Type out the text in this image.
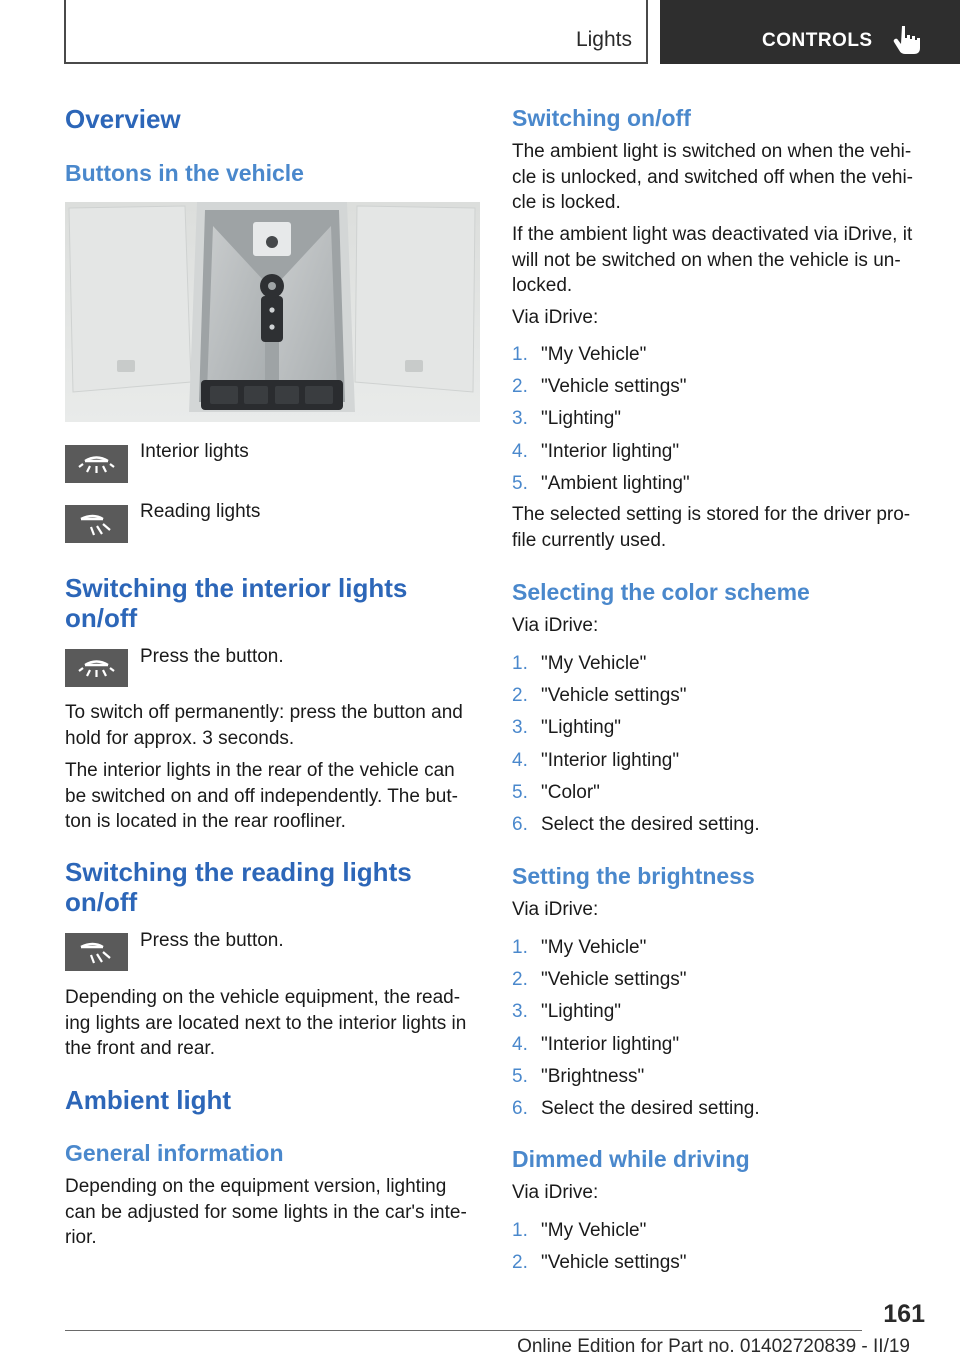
Lights	CONTROLS
Overview
Buttons in the vehicle
Interior lights
Reading lights
Switching the interior lights on/off
Press the button.

To switch off permanently: press the button and hold for approx. 3 seconds.

The interior lights in the rear of the vehicle can be switched on and off independently. The but-ton is located in the rear roofliner.

Switching the reading lights on/off
Press the button.

Depending on the vehicle equipment, the read-ing lights are located next to the interior lights in the front and rear.

Ambient light
General information

Depending on the equipment version, lighting can be adjusted for some lights in the car's inte-rior.

Switching on/off

The ambient light is switched on when the vehi-cle is unlocked, and switched off when the vehi-cle is locked.

If the ambient light was deactivated via iDrive, it will not be switched on when the vehicle is un-locked.

Via iDrive:

1. "My Vehicle"
2. "Vehicle settings"
3. "Lighting"
4. "Interior lighting"
5. "Ambient lighting"

The selected setting is stored for the driver pro-file currently used.

Selecting the color scheme

Via iDrive:

1. "My Vehicle"
2. "Vehicle settings"
3. "Lighting"
4. "Interior lighting"
5. "Color"
6. Select the desired setting.
Setting the brightness

Via iDrive:

1. "My Vehicle"
2. "Vehicle settings"
3. "Lighting"
4. "Interior lighting"
5. "Brightness"
6. Select the desired setting.
Dimmed while driving

Via iDrive:

1. "My Vehicle"
2. "Vehicle settings"
161
Online Edition for Part no. 01402720839 - II/19
